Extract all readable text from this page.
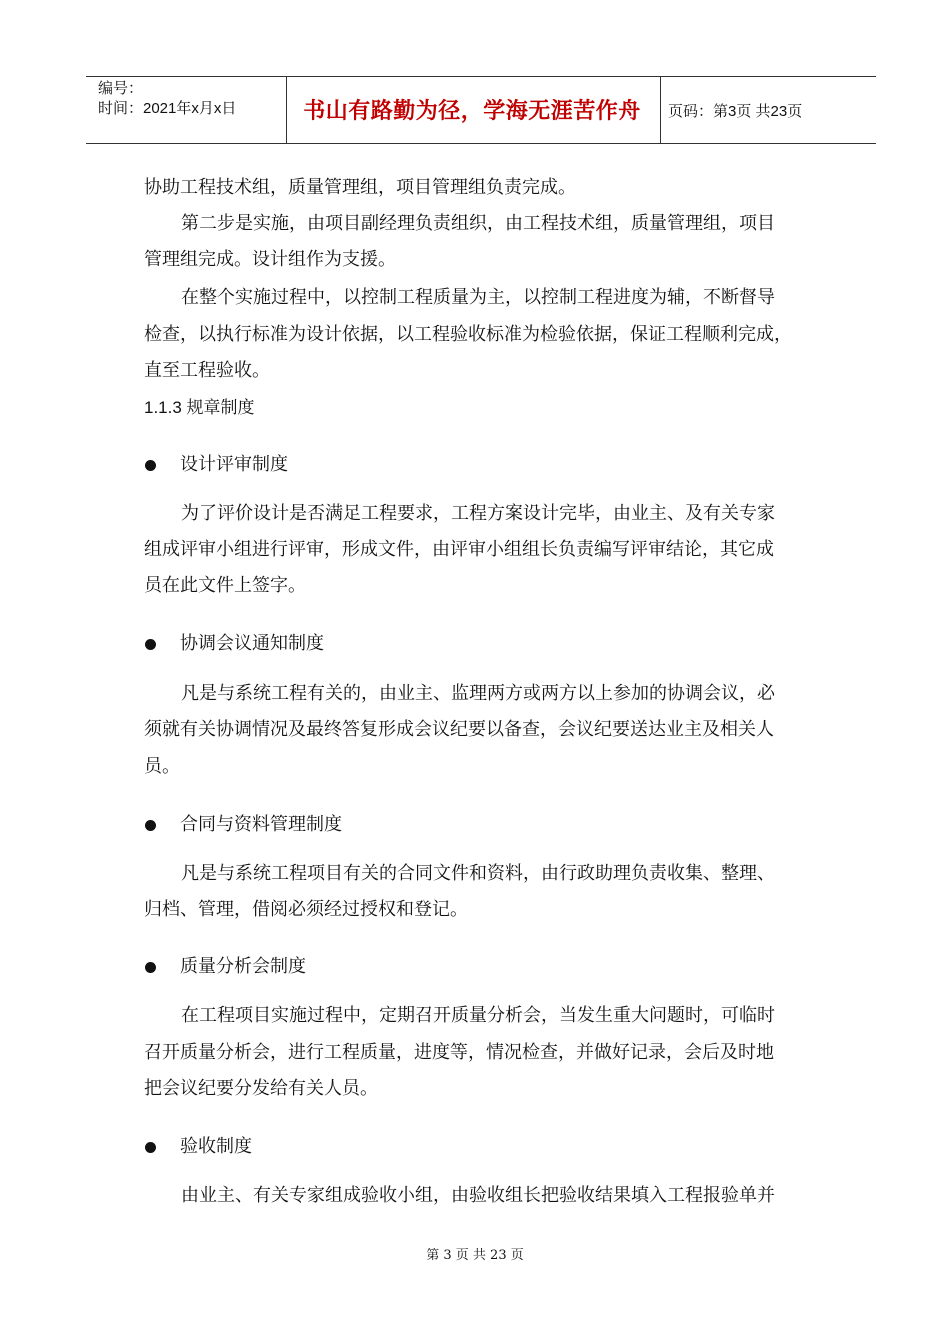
编号：
时间：2021年x月x日	书山有路勤为径，学海无涯苦作舟	页码：第3页 共23页
协助工程技术组，质量管理组，项目管理组负责完成。
第二步是实施，由项目副经理负责组织，由工程技术组，质量管理组，项目
管理组完成。设计组作为支援。
在整个实施过程中，以控制工程质量为主，以控制工程进度为辅，不断督导
检查，以执行标准为设计依据，以工程验收标准为检验依据，保证工程顺利完成，
直至工程验收。
1.1.3 规章制度
设计评审制度
为了评价设计是否满足工程要求，工程方案设计完毕，由业主、及有关专家
组成评审小组进行评审，形成文件，由评审小组组长负责编写评审结论，其它成
员在此文件上签字。
协调会议通知制度
凡是与系统工程有关的，由业主、监理两方或两方以上参加的协调会议，必
须就有关协调情况及最终答复形成会议纪要以备查，会议纪要送达业主及相关人
员。
合同与资料管理制度
凡是与系统工程项目有关的合同文件和资料，由行政助理负责收集、整理、
归档、管理，借阅必须经过授权和登记。
质量分析会制度
在工程项目实施过程中，定期召开质量分析会，当发生重大问题时，可临时
召开质量分析会，进行工程质量，进度等，情况检查，并做好记录，会后及时地
把会议纪要分发给有关人员。
验收制度
由业主、有关专家组成验收小组，由验收组长把验收结果填入工程报验单并
第 3 页 共 23 页
